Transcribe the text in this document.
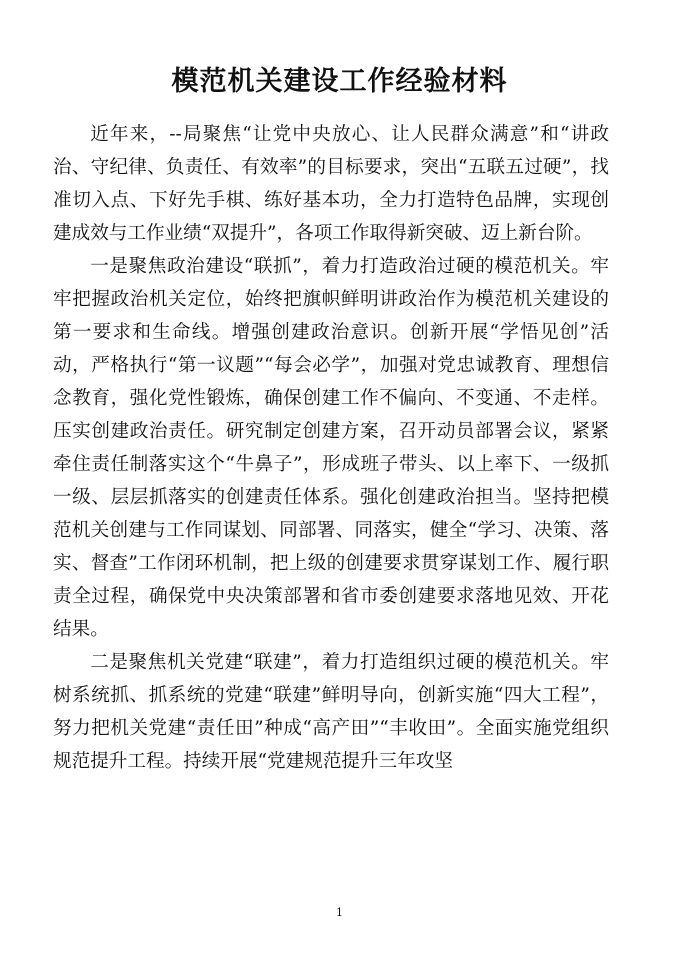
模范机关建设工作经验材料

近年来，--局聚焦“让党中央放心、让人民群众满意”和“讲政治、守纪律、负责任、有效率”的目标要求，突出“五联五过硬”，找准切入点、下好先手棋、练好基本功，全力打造特色品牌，实现创建成效与工作业绩“双提升”，各项工作取得新突破、迈上新台阶。

一是聚焦政治建设“联抓”，着力打造政治过硬的模范机关。牢牢把握政治机关定位，始终把旗帜鲜明讲政治作为模范机关建设的第一要求和生命线。增强创建政治意识。创新开展“学悟见创”活动，严格执行“第一议题”“每会必学”，加强对党忠诚教育、理想信念教育，强化党性锻炼，确保创建工作不偏向、不变通、不走样。压实创建政治责任。研究制定创建方案，召开动员部署会议，紧紧牵住责任制落实这个“牛鼻子”，形成班子带头、以上率下、一级抓一级、层层抓落实的创建责任体系。强化创建政治担当。坚持把模范机关创建与工作同谋划、同部署、同落实，健全“学习、决策、落实、督查”工作闭环机制，把上级的创建要求贯穿谋划工作、履行职责全过程，确保党中央决策部署和省市委创建要求落地见效、开花结果。

二是聚焦机关党建“联建”，着力打造组织过硬的模范机关。牢树系统抓、抓系统的党建“联建”鲜明导向，创新实施“四大工程”，努力把机关党建“责任田”种成“高产田”“丰收田”。全面实施党组织规范提升工程。持续开展“党建规范提升三年攻坚

1
